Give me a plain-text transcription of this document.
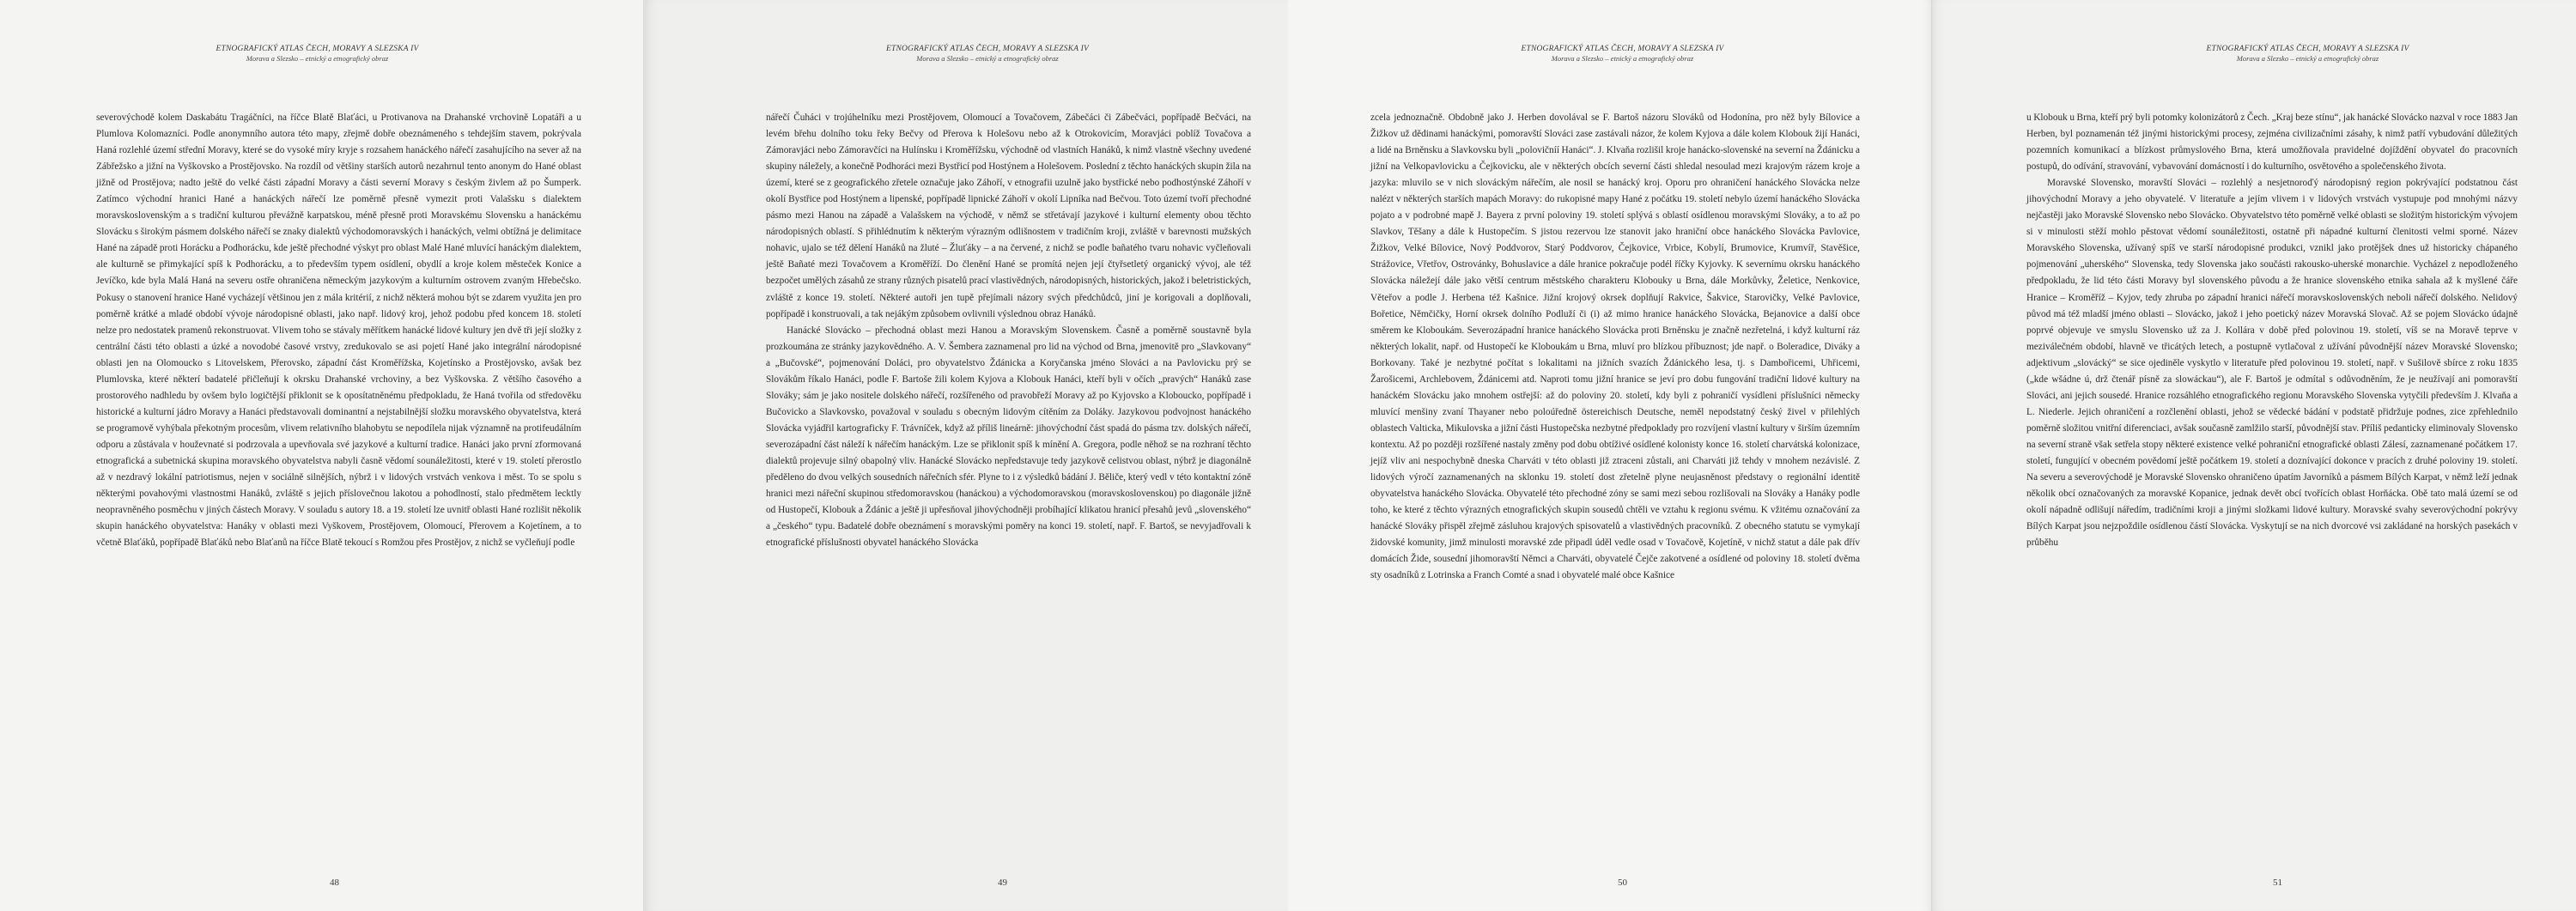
ETNOGRAFICKÝ ATLAS ČECH, MORAVY A SLEZSKA IV
Morava a Slezsko – etnický a etnografický obraz

severovýchodě kolem Daskabátu Tragáčníci, na říčce Blatě Blaťáci, u Protivanova na Drahanské vrchovině Lopatáři a u Plumlova Kolomazníci. Podle anonymního autora této mapy, zřejmě dobře obeznámeného s tehdejším stavem, pokrývala Haná rozlehlé území střední Moravy, které se do vysoké míry kryje s rozsahem hanáckého nářečí zasahujícího na sever až na Zábřežsko a jižní na Vyškovsko a Prostějovsko. Na rozdíl od většiny starších autorů nezahrnul tento anonym do Hané oblast jižně od Prostějova; nadto ještě do velké části západní Moravy a části severní Moravy s českým živlem až po Šumperk. Zatímco východní hranici Hané a hanáckých nářečí lze poměrně přesně vymezit proti Valašsku s dialektem moravskoslovenským a s tradiční kulturou převážně karpatskou, méně přesně proti Moravskému Slovensku a hanáckému Slovácku s širokým pásmem dolského nářečí se znaky dialektů východomoravských i hanáckých, velmi obtížná je delimitace Hané na západě proti Horácku a Podhorácku, kde ještě přechodné výskyt pro oblast Malé Hané mluvící hanáckým dialektem, ale kulturně se přimykající spíš k Podhorácku, a to především typem osídlení, obydlí a kroje kolem městeček Konice a Jevíčko, kde byla Malá Haná na severu ostře ohraničena německým jazykovým a kulturním ostrovem zvaným Hřebečsko. Pokusy o stanovení hranice Hané vycházejí většinou jen z mála kritérií, z nichž některá mohou být se zdarem využita jen pro poměrně krátké a mladé období vývoje národopisné oblasti, jako např. lidový kroj, jehož podobu před koncem 18. století nelze pro nedostatek pramenů rekonstruovat. Vlivem toho se stávaly měřítkem hanácké lidové kultury jen dvě tři její složky z centrální části této oblasti a úzké a novodobé časové vrstvy, zredukovalo se asi pojetí Hané jako integrální národopisné oblasti jen na Olomoucko s Litovelskem, Přerovsko, západní část Kroměřížska, Kojetínsko a Prostějovsko, avšak bez Plumlovska, které některí badatelé přičleňují k okrsku Drahanské vrchoviny, a bez Vyškovska. Z většího časového a prostorového nadhledu by ovšem bylo logičtější přiklonit se k oposítatněnému předpokladu, že Haná tvořila od středověku historické a kulturní jádro Moravy a Hanáci představovali dominantní a nejstabilnější složku moravského obyvatelstva, která se programově vyhýbala překotným procesům, vlivem relativního blahobytu se nepodílela nijak významně na protifeudálním odporu a zůstávala v houževnaté si podrzovala a upevňovala své jazykové a kulturní tradice. Hanáci jako první zformovaná etnografická a subetnická skupina moravského obyvatelstva nabyli časně vědomí sounáležitosti, které v 19. století přerostlo až v nezdravý lokální patriotismus, nejen v sociálně silnějších, nýbrž i v lidových vrstvách venkova i měst. To se spolu s některými povahovými vlastnostmi Hanáků, zvláště s jejich příslovečnou lakotou a pohodlností, stalo předmětem lecktly neopravněného posměchu v jiných částech Moravy. V souladu s autory 18. a 19. století lze uvnitř oblasti Hané rozlišit několik skupin hanáckého obyvatelstva: Hanáky v oblasti mezi Vyškovem, Prostějovem, Olomoucí, Přerovem a Kojetínem, a to včetně Blaťáků, popřípadě Blaťáků nebo Blaťanů na říčce Blatě tekoucí s Romžou přes Prostějov, z nichž se vyčleňují podle

48
ETNOGRAFICKÝ ATLAS ČECH, MORAVY A SLEZSKA IV
Morava a Slezsko – etnický a etnografický obraz

nářečí Čuháci v trojúhelníku mezi Prostějovem, Olomoucí a Tovačovem, Zábečáci či Zábečváci, popřípadě Bečváci, na levém břehu dolního toku řeky Bečvy od Přerova k Holešovu nebo až k Otrokovicím, Moravjáci poblíž Tovačova a Zámoravjáci nebo Zámoravčíci na Hulínsku i Kroměřížsku, východně od vlastních Hanáků, k nimž vlastně všechny uvedené skupiny náležely, a konečně Podhoráci mezi Bystřicí pod Hostýnem a Holešovem. Poslední z těchto hanáckých skupin žila na území, které se z geografického zřetele označuje jako Záhoří, v etnografii uzulně jako bystřické nebo podhostýnské Záhoří v okolí Bystřice pod Hostýnem a lipenské, popřípadě lipnické Záhoří v okolí Lipníka nad Bečvou. Toto území tvoří přechodné pásmo mezi Hanou na západě a Valašskem na východě, v němž se střetávají jazykové i kulturní elementy obou těchto národopisných oblastí. S přihlédnutím k některým výrazným odlišnostem v tradičním kroji, zvláště v barevnosti mužských nohavic, ujalo se též dělení Hanáků na žluté – Žluťáky – a na červené, z nichž se podle bañatého tvaru nohavic vyčleňovali ještě Bañaté mezi Tovačovem a Kroměříží. Do členění Hané se promítá nejen její čtyřsetletý organický vývoj, ale též bezpočet umělých zásahů ze strany různých pisatelů prací vlastivědných, národopisných, historických, jakož i beletristických, zvláště z konce 19. století. Některé autoři jen tupě přejímali názory svých předchůdců, jiní je korigovali a doplňovali, popřípadě i konstruovali, a tak nejákým způsobem ovlivnili výslednou obraz Hanáků.

Hanácké Slovácko – přechodná oblast mezi Hanou a Moravským Slovenskem. Časně a poměrně soustavně byla prozkoumána ze stránky jazykovědného. A. V. Šembera zaznamenal pro lid na východ od Brna, jmenovitě pro „Slavkovany“ a „Bučovské“, pojmenování Doláci, pro obyvatelstvo Ždánicka a Koryčanska jméno Slováci a na Pavlovicku prý se Slovákům říkalo Hanáci, podle F. Bartoše žili kolem Kyjova a Klobouk Hanáci, kteří byli v očích „pravých“ Hanáků zase Slováky; sám je jako nositele dolského nářečí, rozšířeného od pravobřeží Moravy až po Kyjovsko a Kloboucko, popřípadě i Bučovicko a Slavkovsko, považoval v souladu s obecným lidovým cítěním za Doláky. Jazykovou podvojnost hanáckého Slovácka vyjádřil kartograficky F. Trávníček, když až příliš lineárně: jihovýchodní část spadá do pásma tzv. dolských nářečí, severozápadní část náleží k nářečím hanáckým. Lze se přiklonit spíš k mínění A. Gregora, podle něhož se na rozhraní těchto dialektů projevuje silný obapolný vliv. Hanácké Slovácko nepředstavuje tedy jazykově celistvou oblast, nýbrž je diagonálně předěleno do dvou velkých sousedních nářečních sfér. Plyne to i z výsledků bádání J. Běliče, který vedl v této kontaktní zóně hranici mezi nářeční skupinou středomoravskou (hanáckou) a východomoravskou (moravskoslovenskou) po diagonále jižně od Hustopečí, Klobouk a Ždánic a ještě ji upřesňoval jihovýchodněji probíhající klikatou hranicí přesahů jevů „slovenského“ a „českého“ typu. Badatelé dobře obeznámení s moravskými poměry na konci 19. století, např. F. Bartoš, se nevyjadřovali k etnografické příslušnosti obyvatel hanáckého Slovácka

49
ETNOGRAFICKÝ ATLAS ČECH, MORAVY A SLEZSKA IV
Morava a Slezsko – etnický a etnografický obraz

zcela jednoznačně. Obdobně jako J. Herben dovolával se F. Bartoš názoru Slováků od Hodonína, pro něž byly Bílovice a Žižkov už dědinami hanáckými, pomoravští Slováci zase zastávali názor, že kolem Kyjova a dále kolem Klobouk žijí Hanáci, a lidé na Brněnsku a Slavkovsku byli „polovičníí Hanáci“. J. Klvaňa rozlišil kroje hanácko-slovenské na severní na Ždánicku a jižní na Velkopavlovicku a Čejkovicku, ale v některých obcích severní části shledal nesoulad mezi krajovým rázem kroje a jazyka: mluvilo se v nich slováckým nářečím, ale nosil se hanácký kroj. Oporu pro ohraničení hanáckého Slovácka nelze nalézt v některých starších mapách Moravy: do rukopisné mapy Hané z počátku 19. století nebylo území hanáckého Slovácka pojato a v podrobné mapě J. Bayera z první poloviny 19. století splývá s oblastí osídlenou moravskými Slováky, a to až po Slavkov, Těšany a dále k Hustopečím. S jistou rezervou lze stanovit jako hraniční obce hanáckého Slovácka Pavlovice, Žižkov, Velké Bílovice, Nový Poddvorov, Starý Poddvorov, Čejkovice, Vrbice, Kobylí, Brumovice, Krumvíř, Stavěšice, Strážovice, Vřetřov, Ostrovánky, Bohuslavice a dále hranice pokračuje podél říčky Kyjovky. K severnímu okrsku hanáckého Slovácka náležejí dále jako větší centrum městského charakteru Klobouky u Brna, dále Morkůvky, Želetice, Nenkovice, Věteřov a podle J. Herbena též Kašnice. Jižní krojový okrsek doplňují Rakvice, Šakvice, Starovičky, Velké Pavlovice, Bořetice, Němčičky, Horní okrsek dolního Podluží či (i) až mimo hranice hanáckého Slovácka, Bejanovice a další obce směrem ke Kloboukám. Severozápadní hranice hanáckého Slovácka proti Brněnsku je značně nezřetelná, i když kulturní ráz některých lokalit, např. od Hustopečí ke Kloboukám u Brna, mluví pro blízkou příbuznost; jde např. o Boleradice, Diváky a Borkovany. Také je nezbytné počítat s lokalitami na jižních svazích Ždánického lesa, tj. s Dambořicemi, Uhřicemi, Žarošicemi, Archlebovem, Ždánicemi atd. Naproti tomu jižní hranice se jeví pro dobu fungování tradiční lidové kultury na hanáckém Slovácku jako mnohem ostřejší: až do poloviny 20. století, kdy byli z pohraničí vysídleni příslušníci německy mluvící menšiny zvaní Thayaner nebo poloúředně östereichisch Deutsche, neměl nepodstatný český živel v přilehlých oblastech Valticka, Mikulovska a jižní části Hustopečska nezbytné předpoklady pro rozvíjení vlastní kultury v širším územním kontextu. Až po později rozšířené nastaly změny pod dobu obtíživé osídlené kolonisty konce 16. století charvátská kolonizace, jejíž vliv ani nespochybně dneska Charváti v této oblasti již ztraceni zůstali, ani Charváti již tehdy v mnohem nezávislé. Z lidových výročí zaznamenaných na sklonku 19. století dost zřetelně plyne neujasněnost představy o regionální identitě obyvatelstva hanáckého Slovácka. Obyvatelé této přechodné zóny se sami mezi sebou rozlišovali na Slováky a Hanáky podle toho, ke které z těchto výrazných etnografických skupin sousedů chtěli ve vztahu k regionu svému. K vžitému označování za hanácké Slováky přispěl zřejmě zásluhou krajových spisovatelů a vlastivědných pracovníků. Z obecného statutu se vymykají židovské komunity, jimž minulosti moravské zde připadl úděl vedle osad v Tovačově, Kojetíně, v nichž statut a dále pak dřív domácích Žide, sousední jihomoravští Němci a Charváti, obyvatelé Čejče zakotvené a osídlené od poloviny 18. století dvěma sty osadníků z Lotrinska a Franch Comté a snad i obyvatelé malé obce Kašnice

50
ETNOGRAFICKÝ ATLAS ČECH, MORAVY A SLEZSKA IV
Morava a Slezsko – etnický a etnografický obraz

u Klobouk u Brna, kteří prý byli potomky kolonizátorů z Čech. „Kraj beze stínu“, jak hanácké Slovácko nazval v roce 1883 Jan Herben, byl poznamenán též jinými historickými procesy, zejména civilizačními zásahy, k nimž patří vybudování důležitých pozemních komunikací a blízkost průmyslového Brna, která umožňovala pravidelné dojíždění obyvatel do pracovních postupů, do odívání, stravování, vybavování domácností i do kulturního, osvětového a společenského života.

Moravské Slovensko, moravští Slováci – rozlehlý a nesjetnoroďý národopisný region pokrývající podstatnou část jihovýchodní Moravy a jeho obyvatelé. V literatuře a jejím vlivem i v lidových vrstvách vystupuje pod mnohými názvy nejčastěji jako Moravské Slovensko nebo Slovácko. Obyvatelstvo této poměrně velké oblasti se složitým historickým vývojem si v minulosti stěží mohlo pěstovat vědomí sounáležitosti, ostatně při nápadné kulturní členitosti velmi sporné. Název Moravského Slovenska, užívaný spíš ve starší národopisné produkci, vznikl jako protějšek dnes už historicky chápaného pojmenování „uherského“ Slovenska, tedy Slovenska jako součásti rakousko-uherské monarchie. Vycházel z nepodloženého předpokladu, že lid této části Moravy byl slovenského původu a že hranice slovenského etnika sahala až k myšlené čáře Hranice – Kroměříž – Kyjov, tedy zhruba po západní hranici nářečí moravskoslovenských neboli nářečí dolského. Nelidový původ má též mladší jméno oblasti – Slovácko, jakož i jeho poetický název Moravská Slovač. Až se pojem Slovácko údajně poprvé objevuje ve smyslu Slovensko už za J. Kollára v době před polovinou 19. století, víš se na Moravě teprve v meziválečném období, hlavně ve třicátých letech, a postupně vytlačoval z užívání původnější název Moravské Slovensko; adjektivum „slovácký“ se sice ojediněle vyskytlo v literatuře před polovinou 19. století, např. v Sušilově sbírce z roku 1835 („kde wšádne ú, drž čtenář písně za slowáckau“), ale F. Bartoš je odmítal s odůvodněním, že je neužívají ani pomoravští Slováci, ani jejich sousedé. Hranice rozsáhlého etnografického regionu Moravského Slovenska vytyčili především J. Klvaňa a L. Niederle. Jejich ohraničení a rozčlenění oblasti, jehož se vědecké bádání v podstatě přidržuje podnes, zice zpřehlednilo poměrně složitou vnitřní diferenciaci, avšak současně zamlžilo starší, původnější stav. Příliš pedanticky eliminovaly Slovensko na severní straně však setřela stopy některé existence velké pohraniční etnografické oblasti Zálesí, zaznamenané počátkem 17. století, fungující v obecném povědomí ještě počátkem 19. století a doznívající dokonce v pracích z druhé poloviny 19. století. Na severu a severovýchodě je Moravské Slovensko ohraničeno úpatím Javorníků a pásmem Bílých Karpat, v němž leží jednak několik obcí označovaných za moravské Kopanice, jednak devět obcí tvořících oblast Horňácka. Obě tato malá území se od okolí nápadně odlišují náředím, tradičními kroji a jinými složkami lidové kultury. Moravské svahy severovýchodní pokrývy Bílých Karpat jsou nejzpoždile osídlenou částí Slovácka. Vyskytují se na nich dvorcové vsi zakládané na horských pasekách v průběhu

51
